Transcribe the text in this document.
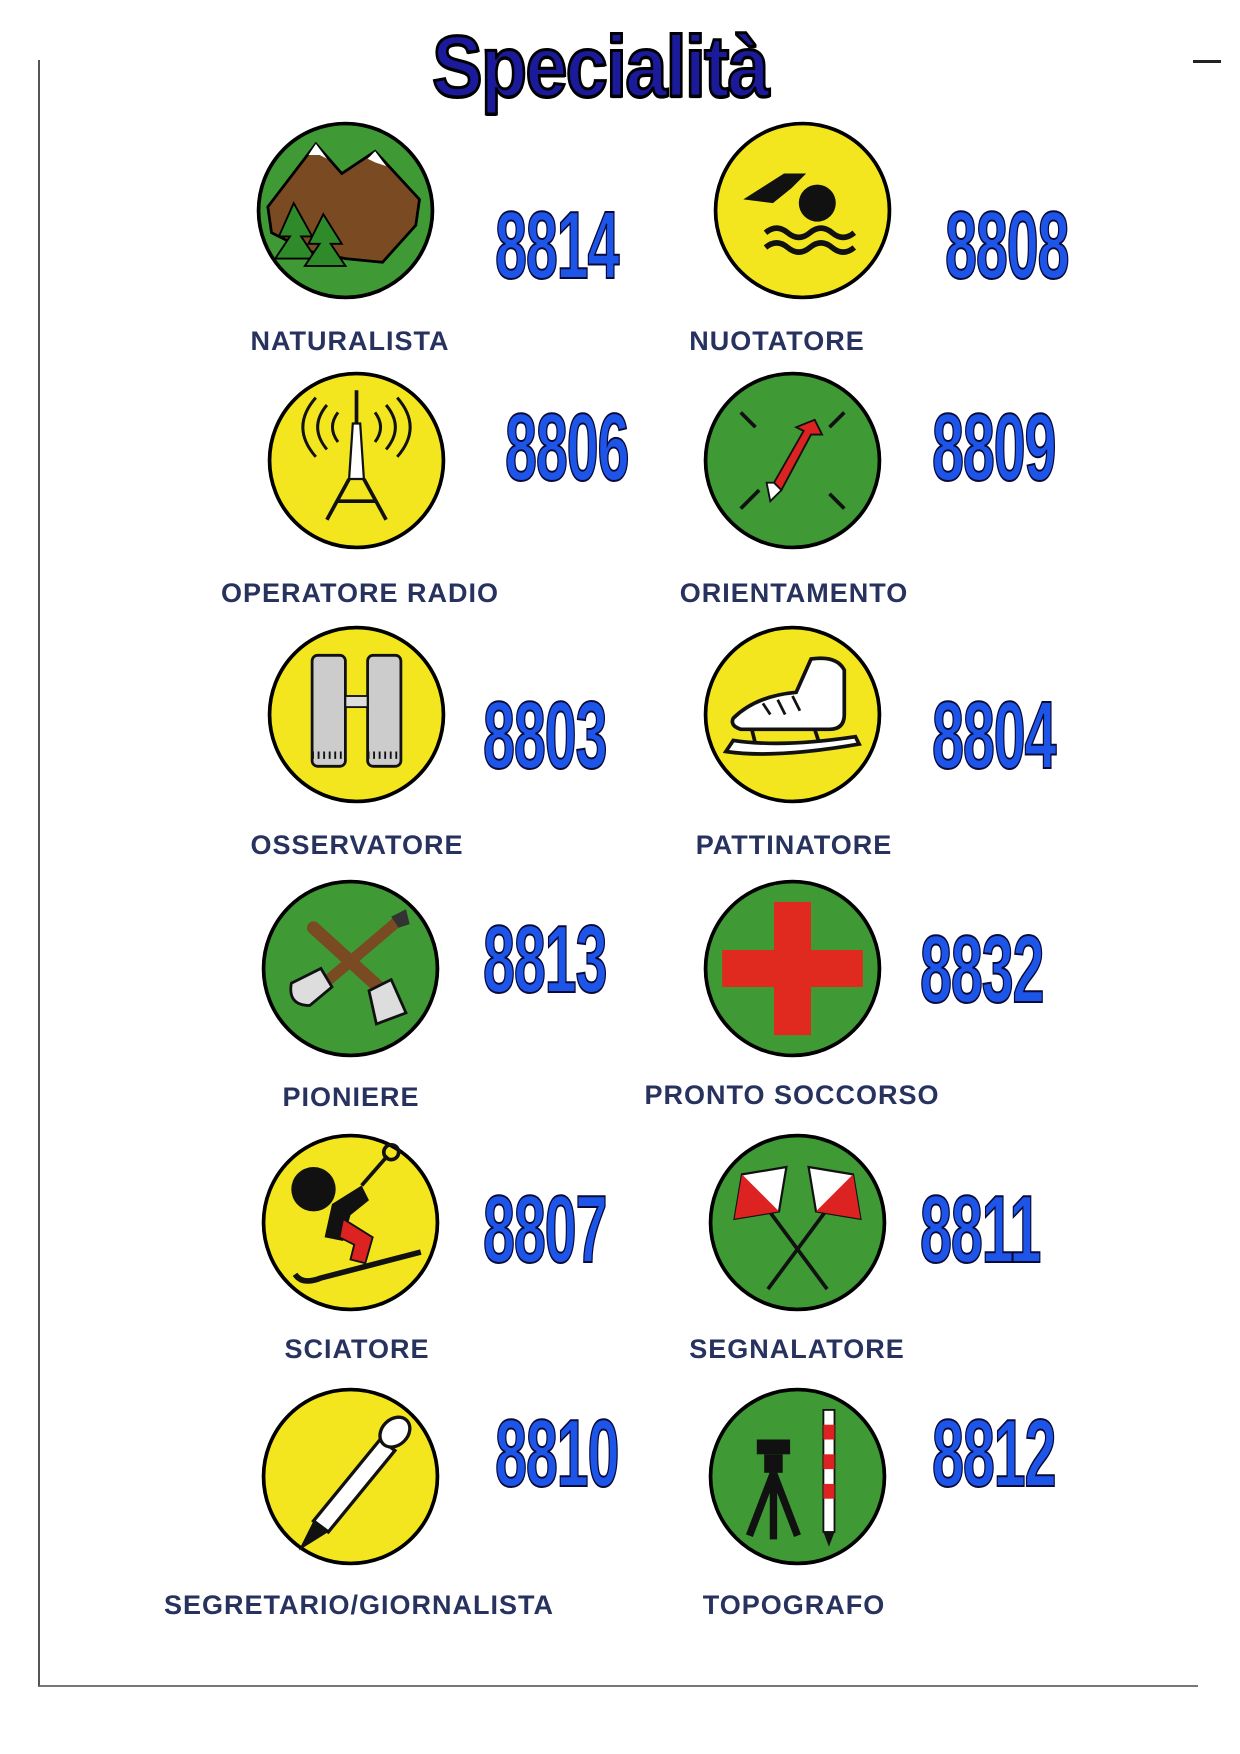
Specialità
8814
NATURALISTA
8808
NUOTATORE
8806
OPERATORE RADIO
8809
ORIENTAMENTO
8803
OSSERVATORE
8804
PATTINATORE
8813
PIONIERE
8832
PRONTO SOCCORSO
8807
SCIATORE
8811
SEGNALATORE
8810
SEGRETARIO/GIORNALISTA
8812
TOPOGRAFO
